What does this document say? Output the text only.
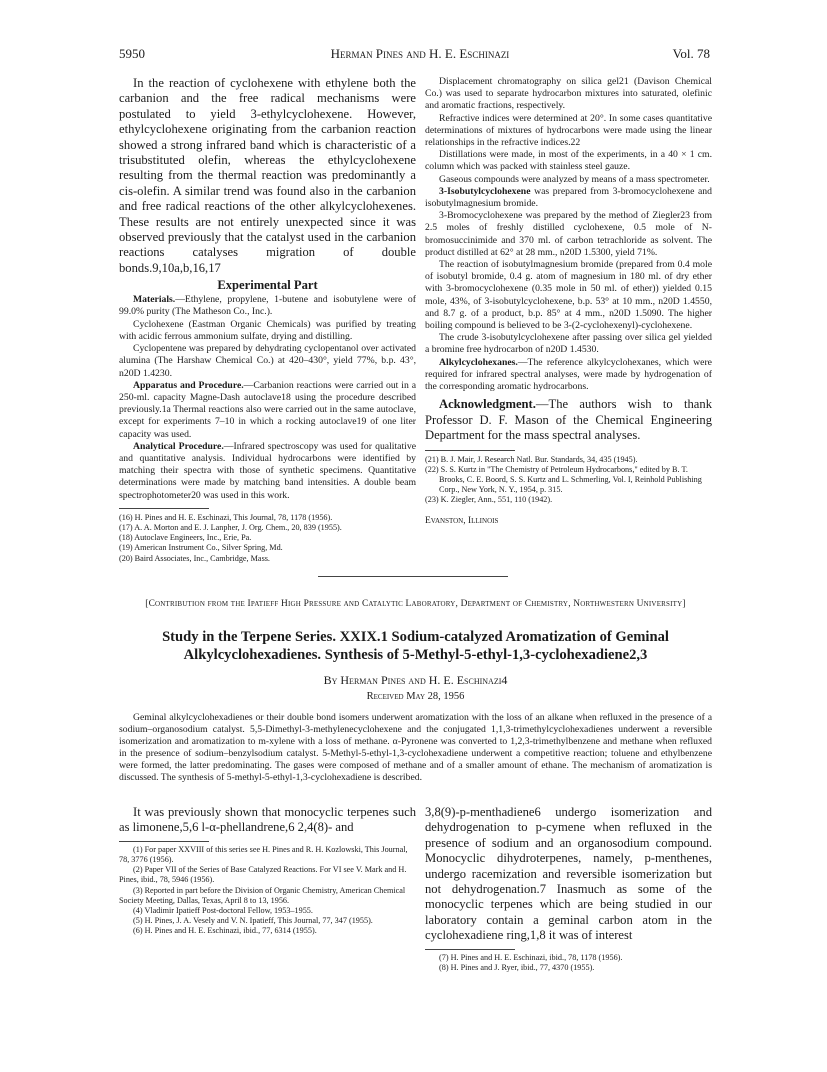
5950	Herman Pines and H. E. Eschinazi	Vol. 78

In the reaction of cyclohexene with ethylene both the carbanion and the free radical mechanisms were postulated to yield 3-ethylcyclohexene. However, ethylcyclohexene originating from the carbanion reaction showed a strong infrared band which is characteristic of a trisubstituted olefin, whereas the ethylcyclohexene resulting from the thermal reaction was predominantly a cis-olefin. A similar trend was found also in the carbanion and free radical reactions of the other alkylcyclohexenes. These results are not entirely unexpected since it was observed previously that the catalyst used in the carbanion reactions catalyses migration of double bonds.9,10a,b,16,17

Experimental Part

Materials.—Ethylene, propylene, 1-butene and isobutylene were of 99.0% purity (The Matheson Co., Inc.).

Cyclohexene (Eastman Organic Chemicals) was purified by treating with acidic ferrous ammonium sulfate, drying and distilling.

Cyclopentene was prepared by dehydrating cyclopentanol over activated alumina (The Harshaw Chemical Co.) at 420–430°, yield 77%, b.p. 43°, n20D 1.4230.

Apparatus and Procedure.—Carbanion reactions were carried out in a 250-ml. capacity Magne-Dash autoclave18 using the procedure described previously.1a Thermal reactions also were carried out in the same autoclave, except for experiments 7–10 in which a rocking autoclave19 of one liter capacity was used.

Analytical Procedure.—Infrared spectroscopy was used for qualitative and quantitative analysis. Individual hydrocarbons were identified by matching their spectra with those of synthetic specimens. Quantitative determinations were made by matching band intensities. A double beam spectrophotometer20 was used in this work.

(16) H. Pines and H. E. Eschinazi, This Journal, 78, 1178 (1956).

(17) A. A. Morton and E. J. Lanpher, J. Org. Chem., 20, 839 (1955).

(18) Autoclave Engineers, Inc., Erie, Pa.

(19) American Instrument Co., Silver Spring, Md.

(20) Baird Associates, Inc., Cambridge, Mass.

Displacement chromatography on silica gel21 (Davison Chemical Co.) was used to separate hydrocarbon mixtures into saturated, olefinic and aromatic fractions, respectively.

Refractive indices were determined at 20°. In some cases quantitative determinations of mixtures of hydrocarbons were made using the linear relationships in the refractive indices.22

Distillations were made, in most of the experiments, in a 40 × 1 cm. column which was packed with stainless steel gauze.

Gaseous compounds were analyzed by means of a mass spectrometer.

3-Isobutylcyclohexene was prepared from 3-bromocyclohexene and isobutylmagnesium bromide.

3-Bromocyclohexene was prepared by the method of Ziegler23 from 2.5 moles of freshly distilled cyclohexene, 0.5 mole of N-bromosuccinimide and 370 ml. of carbon tetrachloride as solvent. The product distilled at 62° at 28 mm., n20D 1.5300, yield 71%.

The reaction of isobutylmagnesium bromide (prepared from 0.4 mole of isobutyl bromide, 0.4 g. atom of magnesium in 180 ml. of dry ether with 3-bromocyclohexene (0.35 mole in 50 ml. of ether)) yielded 0.15 mole, 43%, of 3-isobutylcyclohexene, b.p. 53° at 10 mm., n20D 1.4550, and 8.7 g. of a product, b.p. 85° at 4 mm., n20D 1.5090. The higher boiling compound is believed to be 3-(2-cyclohexenyl)-cyclohexene.

The crude 3-isobutylcyclohexene after passing over silica gel yielded a bromine free hydrocarbon of n20D 1.4530.

Alkylcyclohexanes.—The reference alkylcyclohexanes, which were required for infrared spectral analyses, were made by hydrogenation of the corresponding aromatic hydrocarbons.

Acknowledgment.—The authors wish to thank Professor D. F. Mason of the Chemical Engineering Department for the mass spectral analyses.

(21) B. J. Mair, J. Research Natl. Bur. Standards, 34, 435 (1945).

(22) S. S. Kurtz in "The Chemistry of Petroleum Hydrocarbons," edited by B. T. Brooks, C. E. Boord, S. S. Kurtz and L. Schmerling, Vol. I, Reinhold Publishing Corp., New York, N. Y., 1954, p. 315.

(23) K. Ziegler, Ann., 551, 110 (1942).

Evanston, Illinois
[Contribution from the Ipatieff High Pressure and Catalytic Laboratory, Department of Chemistry, Northwestern University]
Study in the Terpene Series. XXIX.1 Sodium-catalyzed Aromatization of Geminal
Alkylcyclohexadienes. Synthesis of 5-Methyl-5-ethyl-1,3-cyclohexadiene2,3
By Herman Pines and H. E. Eschinazi4
Received May 28, 1956

Geminal alkylcyclohexadienes or their double bond isomers underwent aromatization with the loss of an alkane when refluxed in the presence of a sodium–organosodium catalyst. 5,5-Dimethyl-3-methylenecyclohexene and the conjugated 1,1,3-trimethylcyclohexadienes underwent a reversible isomerization and aromatization to m-xylene with a loss of methane. α-Pyronene was converted to 1,2,3-trimethylbenzene and methane when refluxed in the presence of sodium–benzylsodium catalyst. 5-Methyl-5-ethyl-1,3-cyclohexadiene underwent a competitive reaction; toluene and ethylbenzene were formed, the latter predominating. The gases were composed of methane and of a smaller amount of ethane. The mechanism of aromatization is discussed. The synthesis of 5-methyl-5-ethyl-1,3-cyclohexadiene is described.

It was previously shown that monocyclic terpenes such as limonene,5,6 l-α-phellandrene,6 2,4(8)- and

(1) For paper XXVIII of this series see H. Pines and R. H. Kozlowski, This Journal, 78, 3776 (1956).

(2) Paper VII of the Series of Base Catalyzed Reactions. For VI see V. Mark and H. Pines, ibid., 78, 5946 (1956).

(3) Reported in part before the Division of Organic Chemistry, American Chemical Society Meeting, Dallas, Texas, April 8 to 13, 1956.

(4) Vladimir Ipatieff Post-doctoral Fellow, 1953–1955.

(5) H. Pines, J. A. Vesely and V. N. Ipatieff, This Journal, 77, 347 (1955).

(6) H. Pines and H. E. Eschinazi, ibid., 77, 6314 (1955).

3,8(9)-p-menthadiene6 undergo isomerization and dehydrogenation to p-cymene when refluxed in the presence of sodium and an organosodium compound. Monocyclic dihydroterpenes, namely, p-menthenes, undergo racemization and reversible isomerization but not dehydrogenation.7 Inasmuch as some of the monocyclic terpenes which are being studied in our laboratory contain a geminal carbon atom in the cyclohexadiene ring,1,8 it was of interest

(7) H. Pines and H. E. Eschinazi, ibid., 78, 1178 (1956).

(8) H. Pines and J. Ryer, ibid., 77, 4370 (1955).
